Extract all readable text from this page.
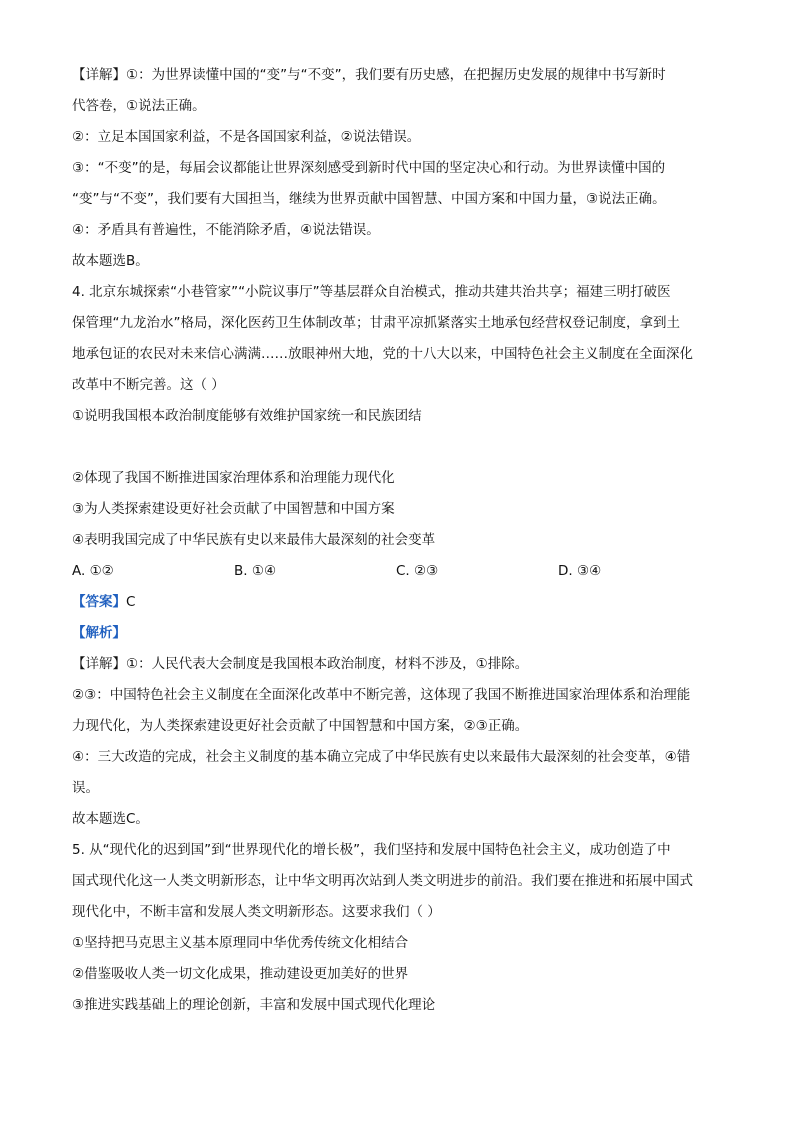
【详解】①：为世界读懂中国的“变”与“不变”，我们要有历史感，在把握历史发展的规律中书写新时
代答卷，①说法正确。
②：立足本国国家利益，不是各国国家利益，②说法错误。
③：“不变”的是，每届会议都能让世界深刻感受到新时代中国的坚定决心和行动。为世界读懂中国的
“变”与“不变”，我们要有大国担当，继续为世界贡献中国智慧、中国方案和中国力量，③说法正确。
④：矛盾具有普遍性，不能消除矛盾，④说法错误。
故本题选B。
4. 北京东城探索“小巷管家”“小院议事厅”等基层群众自治模式，推动共建共治共享；福建三明打破医
保管理“九龙治水”格局，深化医药卫生体制改革；甘肃平凉抓紧落实土地承包经营权登记制度，拿到土
地承包证的农民对未来信心满满……放眼神州大地，党的十八大以来，中国特色社会主义制度在全面深化
改革中不断完善。这（ ）
①说明我国根本政治制度能够有效维护国家统一和民族团结
②体现了我国不断推进国家治理体系和治理能力现代化
③为人类探索建设更好社会贡献了中国智慧和中国方案
④表明我国完成了中华民族有史以来最伟大最深刻的社会变革
A. ①②	B. ①④	C. ②③	D. ③④
【答案】C
【解析】
【详解】①：人民代表大会制度是我国根本政治制度，材料不涉及，①排除。
②③：中国特色社会主义制度在全面深化改革中不断完善，这体现了我国不断推进国家治理体系和治理能
力现代化，为人类探索建设更好社会贡献了中国智慧和中国方案，②③正确。
④：三大改造的完成，社会主义制度的基本确立完成了中华民族有史以来最伟大最深刻的社会变革，④错
误。
故本题选C。
5. 从“现代化的迟到国”到“世界现代化的增长极”，我们坚持和发展中国特色社会主义，成功创造了中
国式现代化这一人类文明新形态，让中华文明再次站到人类文明进步的前沿。我们要在推进和拓展中国式
现代化中，不断丰富和发展人类文明新形态。这要求我们（ ）
①坚持把马克思主义基本原理同中华优秀传统文化相结合
②借鉴吸收人类一切文化成果，推动建设更加美好的世界
③推进实践基础上的理论创新，丰富和发展中国式现代化理论
